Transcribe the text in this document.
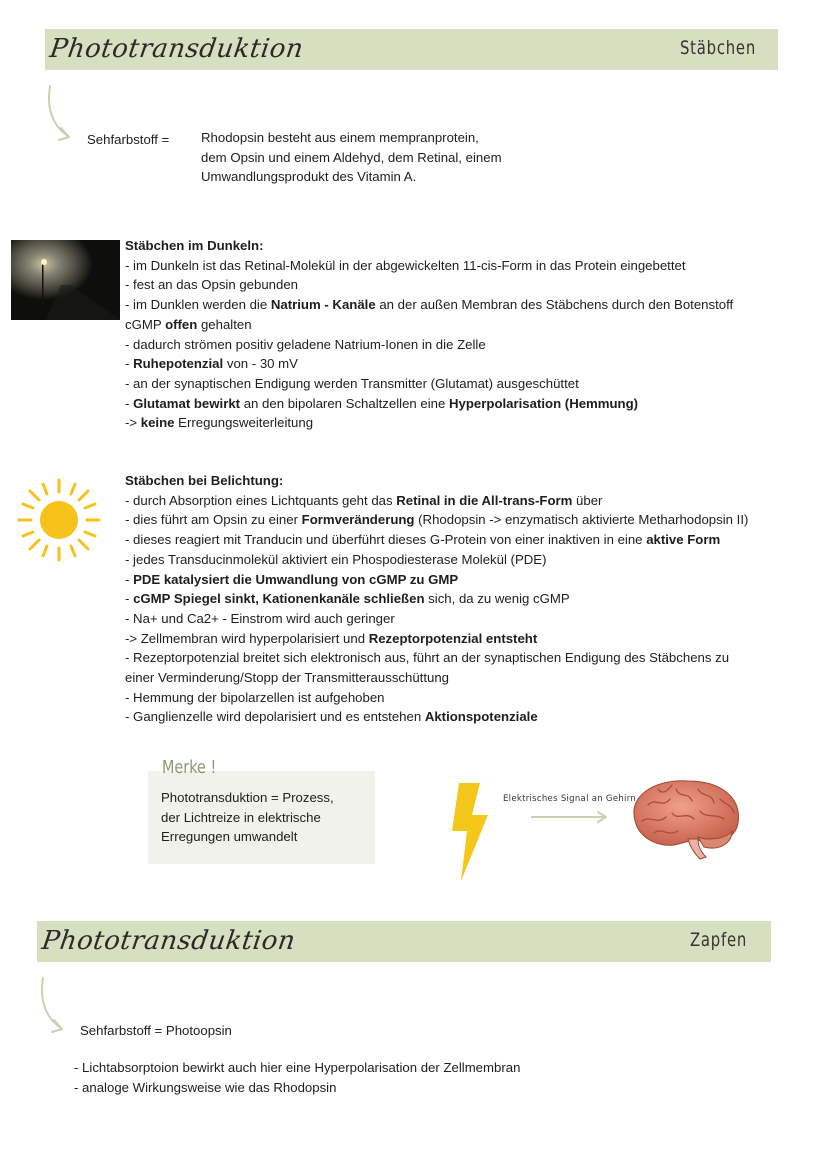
Phototransduktion	Stäbchen
Sehfarbstoff = Rhodopsin besteht aus einem mempranprotein,
dem Opsin und einem Aldehyd, dem Retinal, einem
Umwandlungsprodukt des Vitamin A.
Stäbchen im Dunkeln:
- im Dunkeln ist das Retinal-Molekül in der abgewickelten 11-cis-Form in das Protein eingebettet
- fest an das Opsin gebunden
- im Dunklen werden die Natrium - Kanäle an der außen Membran des Stäbchens durch den Botenstoff
cGMP offen gehalten
- dadurch strömen positiv geladene Natrium-Ionen in die Zelle
- Ruhepotenzial von - 30 mV
- an der synaptischen Endigung werden Transmitter (Glutamat) ausgeschüttet
- Glutamat bewirkt an den bipolaren Schaltzellen eine Hyperpolarisation (Hemmung)
-> keine Erregungsweiterleitung
Stäbchen bei Belichtung:
- durch Absorption eines Lichtquants geht das Retinal in die All-trans-Form über
- dies führt am Opsin zu einer Formveränderung (Rhodopsin -> enzymatisch aktivierte Metharhodopsin II)
- dieses reagiert mit Tranducin und überführt dieses G-Protein von einer inaktiven in eine aktive Form
- jedes Transducinmolekül aktiviert ein Phospodiesterase Molekül (PDE)
- PDE katalysiert die Umwandlung von cGMP zu GMP
- cGMP Spiegel sinkt, Kationenkanäle schließen sich, da zu wenig cGMP
- Na+ und Ca2+ - Einstrom wird auch geringer
-> Zellmembran wird hyperpolarisiert und Rezeptorpotenzial entsteht
- Rezeptorpotenzial breitet sich elektronisch aus, führt an der synaptischen Endigung des Stäbchens zu
einer Verminderung/Stopp der Transmitterausschüttung
- Hemmung der bipolarzellen ist aufgehoben
- Ganglienzelle wird depolarisiert und es entstehen Aktionspotenziale
Merke !
Phototransduktion = Prozess,
der Lichtreize in elektrische
Erregungen umwandelt
Elektrisches Signal an Gehirn
Phototransduktion	Zapfen
Sehfarbstoff = Photoopsin
- Lichtabsorptoion bewirkt auch hier eine Hyperpolarisation der Zellmembran
- analoge Wirkungsweise wie das Rhodopsin
